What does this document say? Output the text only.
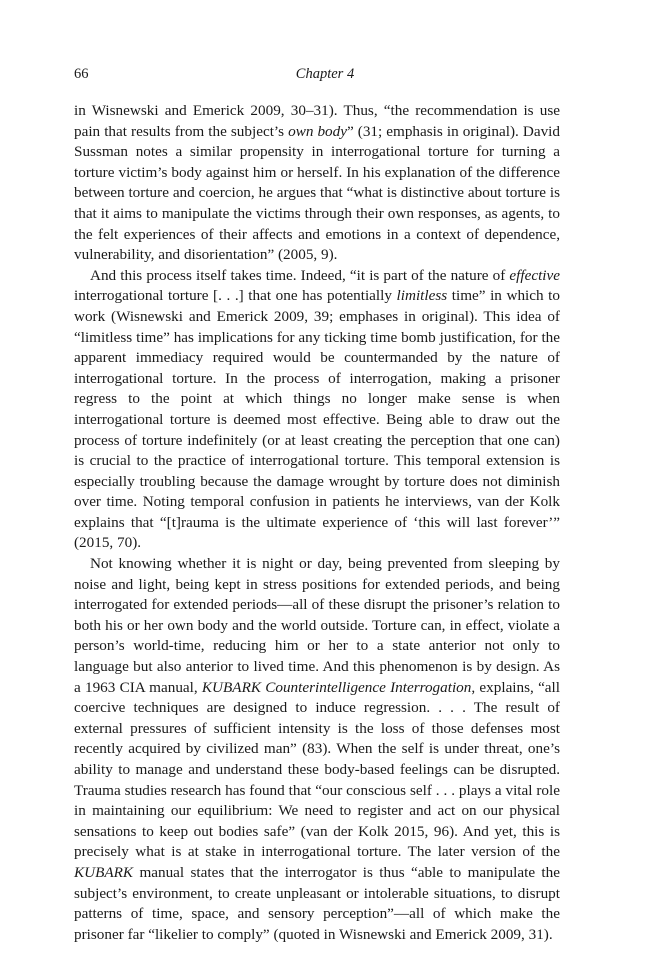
66	Chapter 4

in Wisnewski and Emerick 2009, 30–31). Thus, “the recommendation is use pain that results from the subject’s own body” (31; emphasis in original). David Sussman notes a similar propensity in interrogational torture for turning a torture victim’s body against him or herself. In his explanation of the difference between torture and coercion, he argues that “what is distinctive about torture is that it aims to manipulate the victims through their own responses, as agents, to the felt experiences of their affects and emotions in a context of dependence, vulnerability, and disorientation” (2005, 9).

And this process itself takes time. Indeed, “it is part of the nature of effective interrogational torture [. . .] that one has potentially limitless time” in which to work (Wisnewski and Emerick 2009, 39; emphases in original). This idea of “limitless time” has implications for any ticking time bomb justification, for the apparent immediacy required would be countermanded by the nature of interrogational torture. In the process of interrogation, making a prisoner regress to the point at which things no longer make sense is when interrogational torture is deemed most effective. Being able to draw out the process of torture indefinitely (or at least creating the perception that one can) is crucial to the practice of interrogational torture. This temporal extension is especially troubling because the damage wrought by torture does not diminish over time. Noting temporal confusion in patients he interviews, van der Kolk explains that “[t]rauma is the ultimate experience of ‘this will last forever’” (2015, 70).

Not knowing whether it is night or day, being prevented from sleeping by noise and light, being kept in stress positions for extended periods, and being interrogated for extended periods—all of these disrupt the prisoner’s relation to both his or her own body and the world outside. Torture can, in effect, violate a person’s world-time, reducing him or her to a state anterior not only to language but also anterior to lived time. And this phenomenon is by design. As a 1963 CIA manual, KUBARK Counterintelligence Interrogation, explains, “all coercive techniques are designed to induce regression. . . . The result of external pressures of sufficient intensity is the loss of those defenses most recently acquired by civilized man” (83). When the self is under threat, one’s ability to manage and understand these body-based feelings can be disrupted. Trauma studies research has found that “our conscious self . . . plays a vital role in maintaining our equilibrium: We need to register and act on our physical sensations to keep out bodies safe” (van der Kolk 2015, 96). And yet, this is precisely what is at stake in interrogational torture. The later version of the KUBARK manual states that the interrogator is thus “able to manipulate the subject’s environment, to create unpleasant or intolerable situations, to disrupt patterns of time, space, and sensory perception”—all of which make the prisoner far “likelier to comply” (quoted in Wisnewski and Emerick 2009, 31).
